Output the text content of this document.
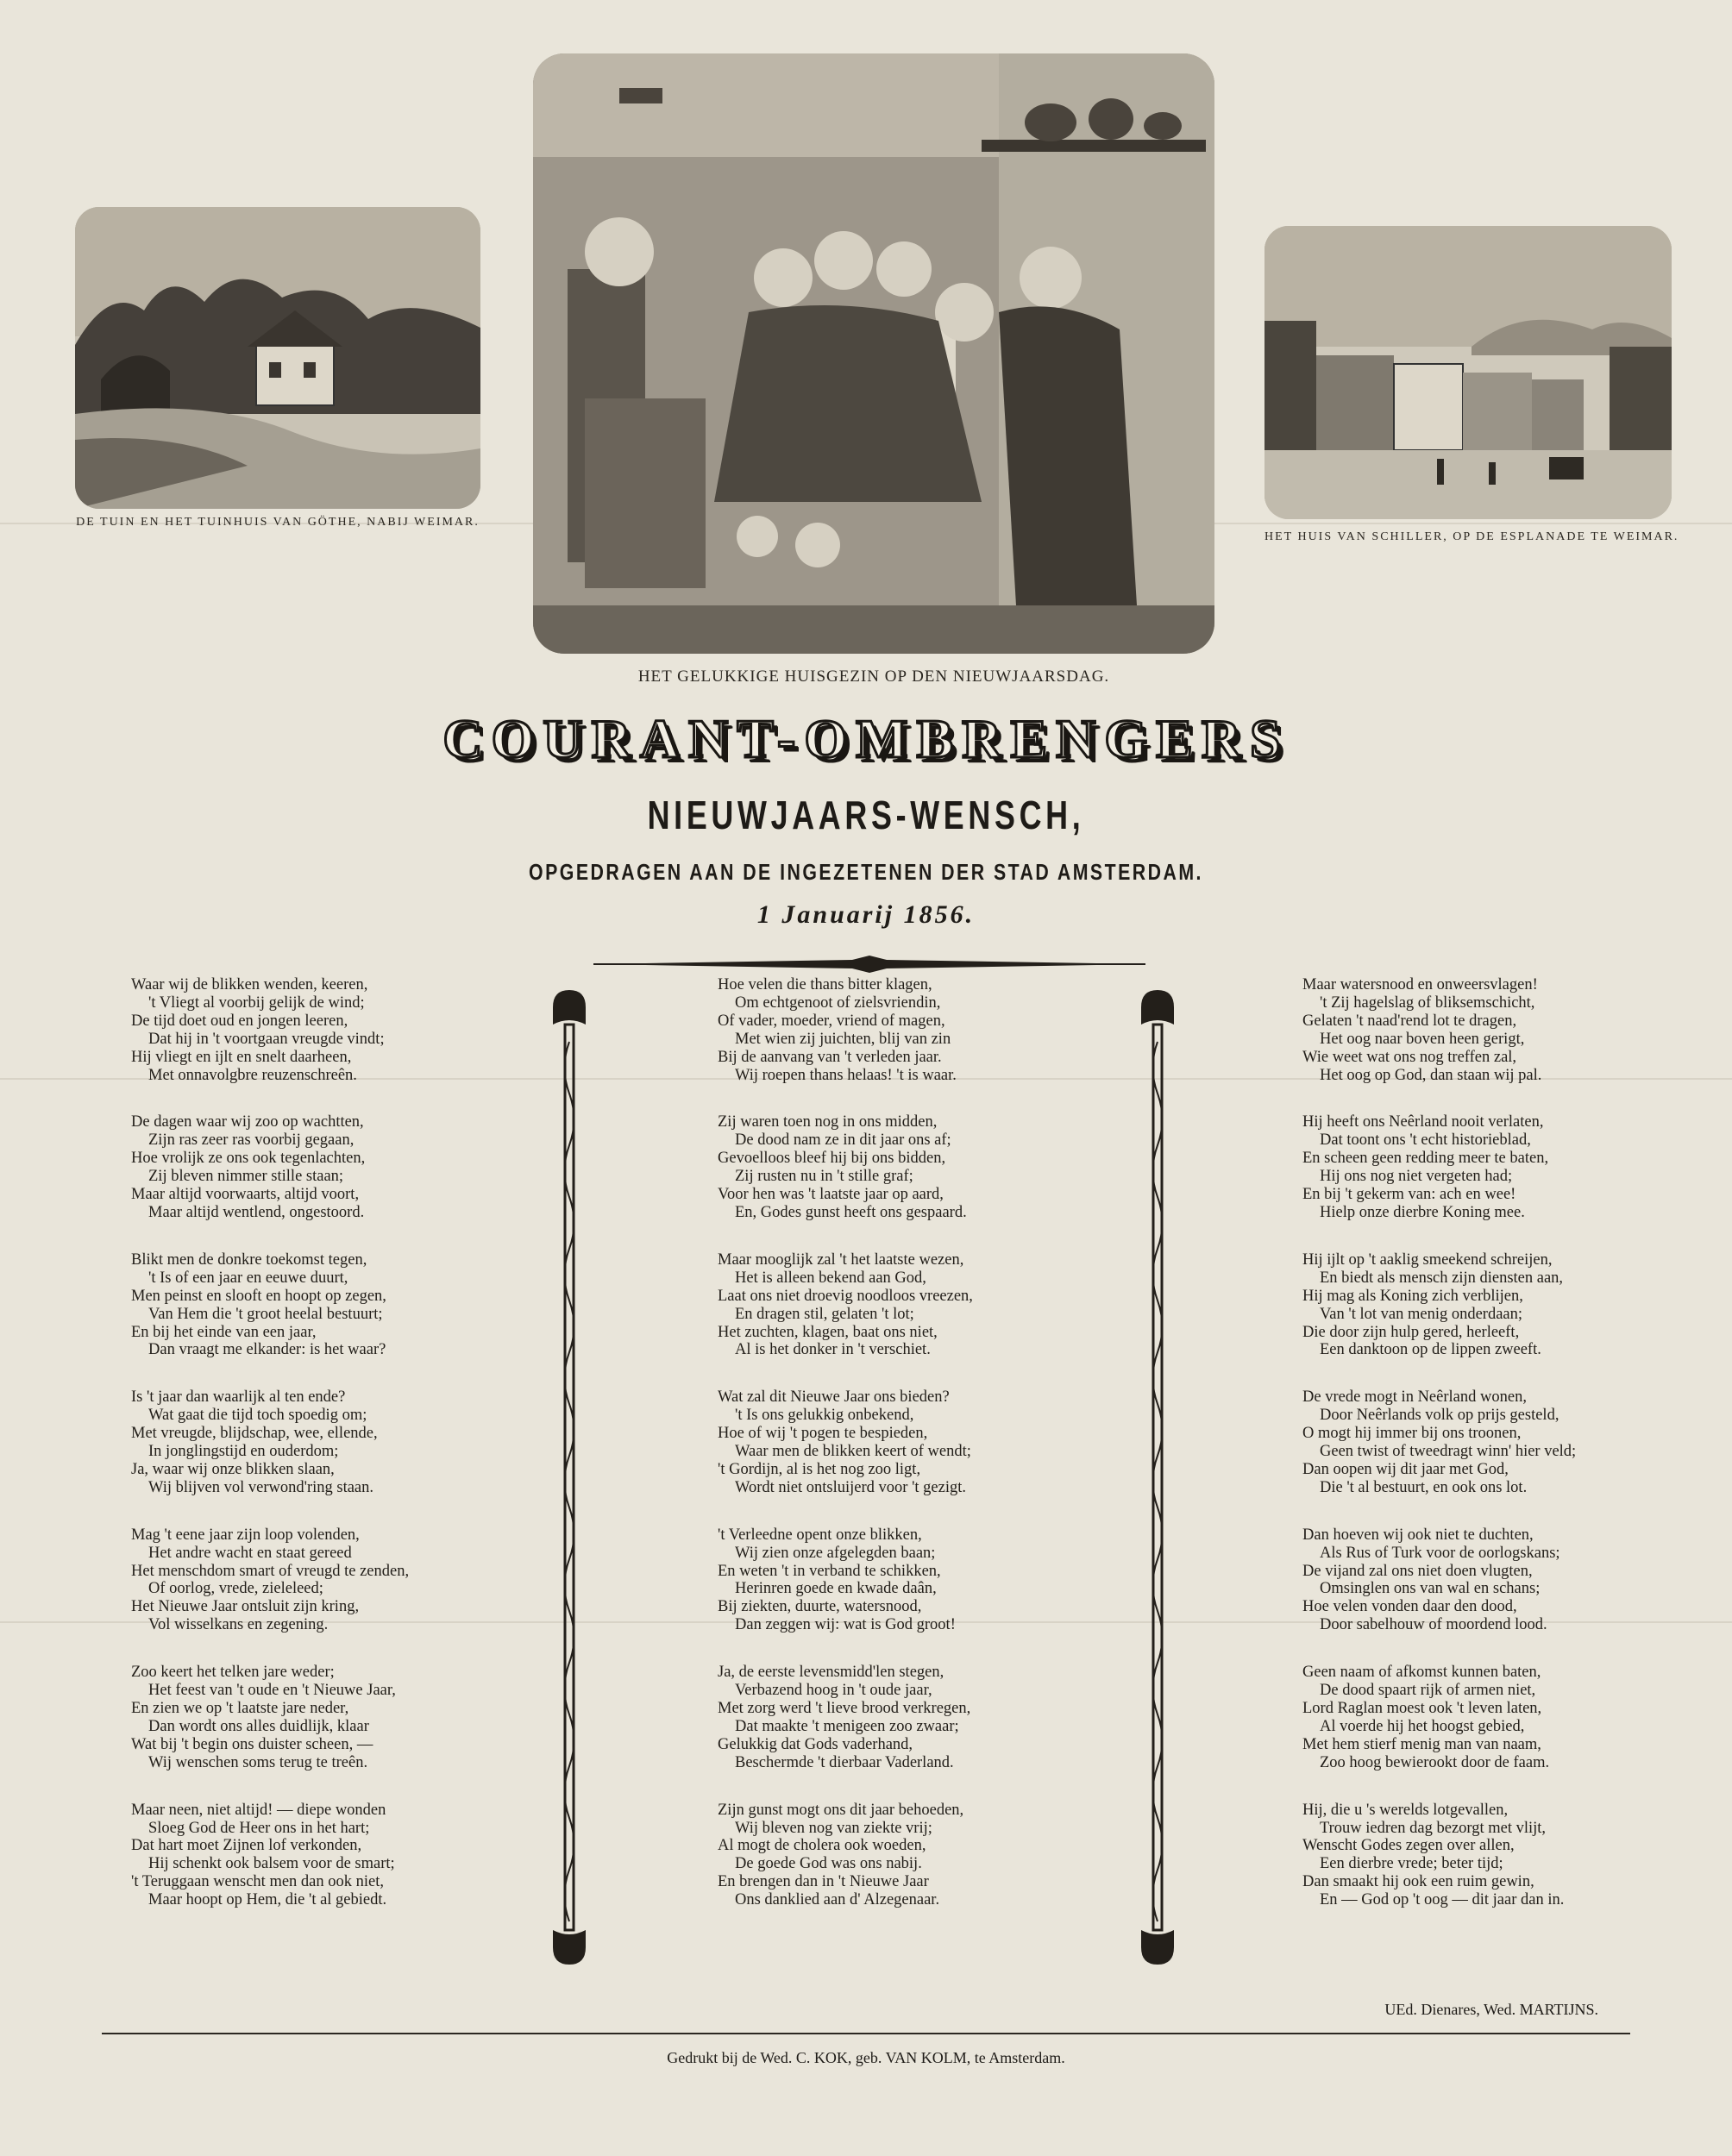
DE TUIN EN HET TUINHUIS VAN GÖTHE, NABIJ WEIMAR.
HET GELUKKIGE HUISGEZIN OP DEN NIEUWJAARSDAG.
HET HUIS VAN SCHILLER, OP DE ESPLANADE TE WEIMAR.
COURANT-OMBRENGERS
NIEUWJAARS-WENSCH,
OPGEDRAGEN AAN DE INGEZETENEN DER STAD AMSTERDAM.
1 Januarij 1856.
Waar wij de blikken wenden, keeren,
't Vliegt al voorbij gelijk de wind;
De tijd doet oud en jongen leeren,
Dat hij in 't voortgaan vreugde vindt;
Hij vliegt en ijlt en snelt daarheen,
Met onnavolgbre reuzenschreên.
De dagen waar wij zoo op wachtten,
Zijn ras zeer ras voorbij gegaan,
Hoe vrolijk ze ons ook tegenlachten,
Zij bleven nimmer stille staan;
Maar altijd voorwaarts, altijd voort,
Maar altijd wentlend, ongestoord.
Blikt men de donkre toekomst tegen,
't Is of een jaar en eeuwe duurt,
Men peinst en slooft en hoopt op zegen,
Van Hem die 't groot heelal bestuurt;
En bij het einde van een jaar,
Dan vraagt me elkander: is het waar?
Is 't jaar dan waarlijk al ten ende?
Wat gaat die tijd toch spoedig om;
Met vreugde, blijdschap, wee, ellende,
In jonglingstijd en ouderdom;
Ja, waar wij onze blikken slaan,
Wij blijven vol verwond'ring staan.
Mag 't eene jaar zijn loop volenden,
Het andre wacht en staat gereed
Het menschdom smart of vreugd te zenden,
Of oorlog, vrede, zieleleed;
Het Nieuwe Jaar ontsluit zijn kring,
Vol wisselkans en zegening.
Zoo keert het telken jare weder;
Het feest van 't oude en 't Nieuwe Jaar,
En zien we op 't laatste jare neder,
Dan wordt ons alles duidlijk, klaar
Wat bij 't begin ons duister scheen, —
Wij wenschen soms terug te treên.
Maar neen, niet altijd! — diepe wonden
Sloeg God de Heer ons in het hart;
Dat hart moet Zijnen lof verkonden,
Hij schenkt ook balsem voor de smart;
't Teruggaan wenscht men dan ook niet,
Maar hoopt op Hem, die 't al gebiedt.
Hoe velen die thans bitter klagen,
Om echtgenoot of zielsvriendin,
Of vader, moeder, vriend of magen,
Met wien zij juichten, blij van zin
Bij de aanvang van 't verleden jaar.
Wij roepen thans helaas! 't is waar.
Zij waren toen nog in ons midden,
De dood nam ze in dit jaar ons af;
Gevoelloos bleef hij bij ons bidden,
Zij rusten nu in 't stille graf;
Voor hen was 't laatste jaar op aard,
En, Godes gunst heeft ons gespaard.
Maar mooglijk zal 't het laatste wezen,
Het is alleen bekend aan God,
Laat ons niet droevig noodloos vreezen,
En dragen stil, gelaten 't lot;
Het zuchten, klagen, baat ons niet,
Al is het donker in 't verschiet.
Wat zal dit Nieuwe Jaar ons bieden?
't Is ons gelukkig onbekend,
Hoe of wij 't pogen te bespieden,
Waar men de blikken keert of wendt;
't Gordijn, al is het nog zoo ligt,
Wordt niet ontsluijerd voor 't gezigt.
't Verleedne opent onze blikken,
Wij zien onze afgelegden baan;
En weten 't in verband te schikken,
Herinren goede en kwade daân,
Bij ziekten, duurte, watersnood,
Dan zeggen wij: wat is God groot!
Ja, de eerste levensmidd'len stegen,
Verbazend hoog in 't oude jaar,
Met zorg werd 't lieve brood verkregen,
Dat maakte 't menigeen zoo zwaar;
Gelukkig dat Gods vaderhand,
Beschermde 't dierbaar Vaderland.
Zijn gunst mogt ons dit jaar behoeden,
Wij bleven nog van ziekte vrij;
Al mogt de cholera ook woeden,
De goede God was ons nabij.
En brengen dan in 't Nieuwe Jaar
Ons danklied aan d' Alzegenaar.
Maar watersnood en onweersvlagen!
't Zij hagelslag of bliksemschicht,
Gelaten 't naad'rend lot te dragen,
Het oog naar boven heen gerigt,
Wie weet wat ons nog treffen zal,
Het oog op God, dan staan wij pal.
Hij heeft ons Neêrland nooit verlaten,
Dat toont ons 't echt historieblad,
En scheen geen redding meer te baten,
Hij ons nog niet vergeten had;
En bij 't gekerm van: ach en wee!
Hielp onze dierbre Koning mee.
Hij ijlt op 't aaklig smeekend schreijen,
En biedt als mensch zijn diensten aan,
Hij mag als Koning zich verblijen,
Van 't lot van menig onderdaan;
Die door zijn hulp gered, herleeft,
Een danktoon op de lippen zweeft.
De vrede mogt in Neêrland wonen,
Door Neêrlands volk op prijs gesteld,
O mogt hij immer bij ons troonen,
Geen twist of tweedragt winn' hier veld;
Dan oopen wij dit jaar met God,
Die 't al bestuurt, en ook ons lot.
Dan hoeven wij ook niet te duchten,
Als Rus of Turk voor de oorlogskans;
De vijand zal ons niet doen vlugten,
Omsinglen ons van wal en schans;
Hoe velen vonden daar den dood,
Door sabelhouw of moordend lood.
Geen naam of afkomst kunnen baten,
De dood spaart rijk of armen niet,
Lord Raglan moest ook 't leven laten,
Al voerde hij het hoogst gebied,
Met hem stierf menig man van naam,
Zoo hoog bewierookt door de faam.
Hij, die u 's werelds lotgevallen,
Trouw iedren dag bezorgt met vlijt,
Wenscht Godes zegen over allen,
Een dierbre vrede; beter tijd;
Dan smaakt hij ook een ruim gewin,
En — God op 't oog — dit jaar dan in.
UEd. Dienares, Wed. MARTIJNS.
Gedrukt bij de Wed. C. KOK, geb. VAN KOLM, te Amsterdam.
